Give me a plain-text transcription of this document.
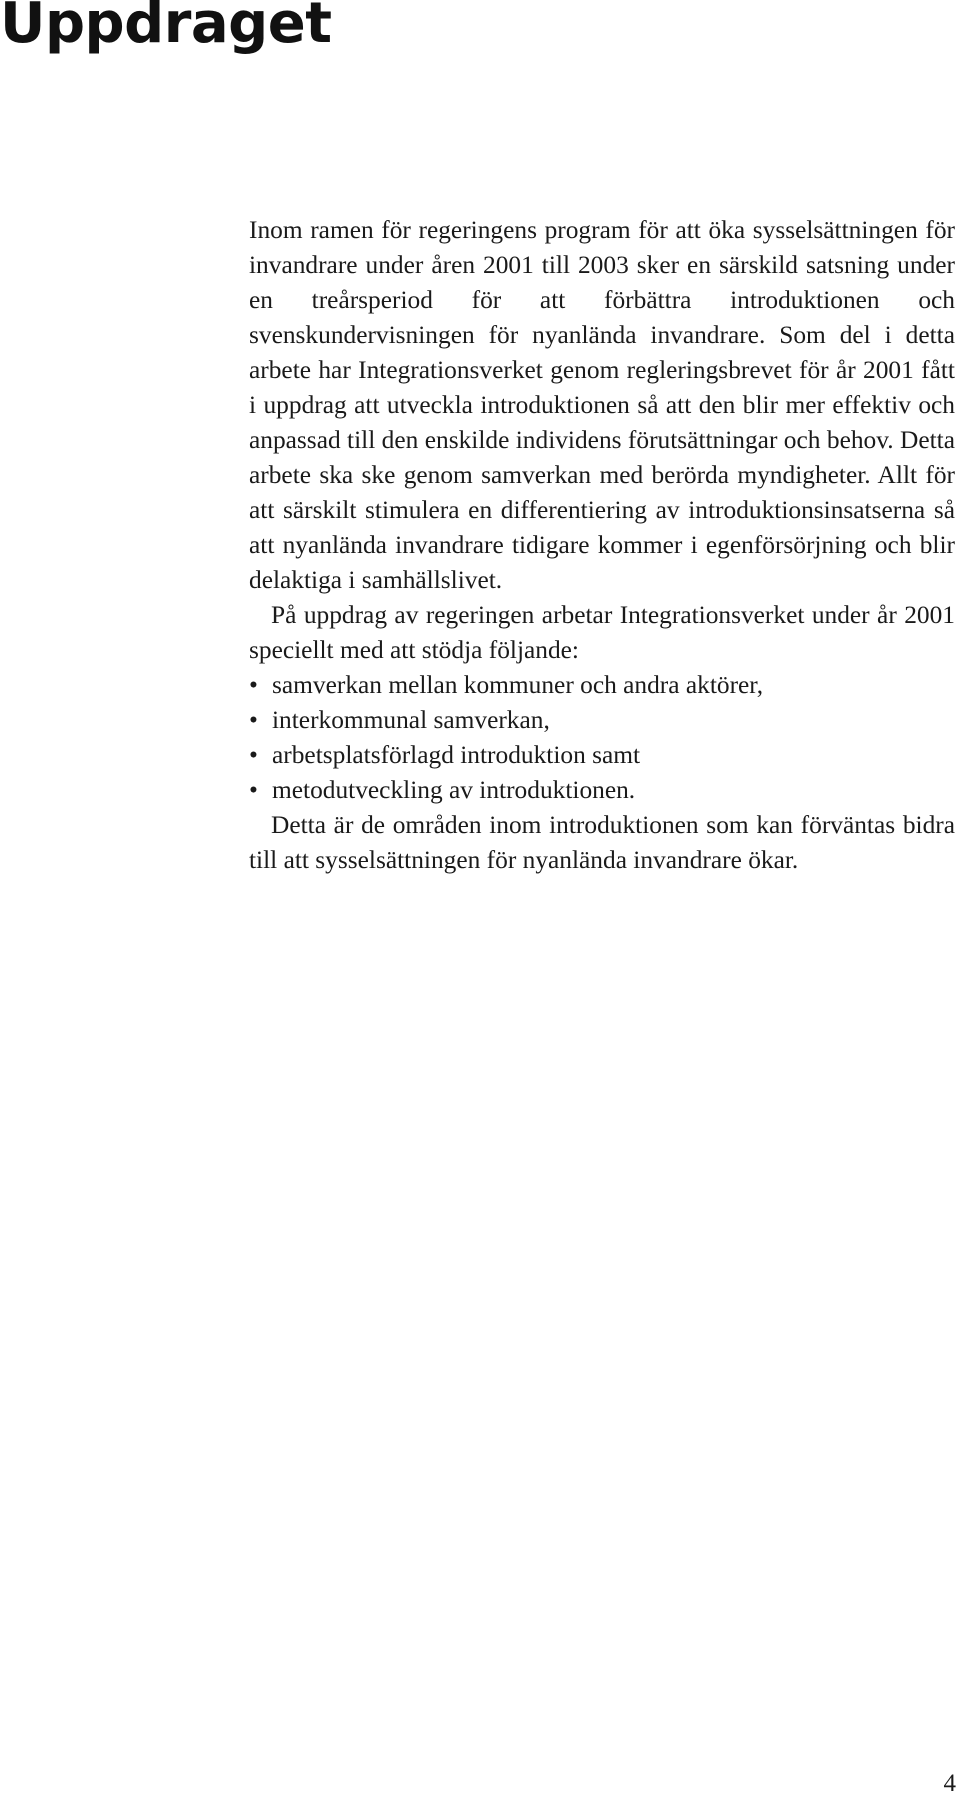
Uppdraget

Inom ramen för regeringens program för att öka sysselsättningen för invandrare under åren 2001 till 2003 sker en särskild satsning under en treårsperiod för att förbättra introduktionen och svenskundervisningen för nyanlända invandrare. Som del i detta arbete har Integrationsverket genom regleringsbrevet för år 2001 fått i uppdrag att utveckla introduktionen så att den blir mer effektiv och anpassad till den enskilde individens förutsättningar och behov. Detta arbete ska ske genom samverkan med berörda myndigheter. Allt för att särskilt stimulera en differentiering av introduktionsinsatserna så att nyanlända invandrare tidigare kommer i egenförsörjning och blir delaktiga i samhällslivet.

På uppdrag av regeringen arbetar Integrationsverket under år 2001 speciellt med att stödja följande:

• samverkan mellan kommuner och andra aktörer,
• interkommunal samverkan,
• arbetsplatsförlagd introduktion samt
• metodutveckling av introduktionen.

Detta är de områden inom introduktionen som kan förväntas bidra till att sysselsättningen för nyanlända invandrare ökar.

4
